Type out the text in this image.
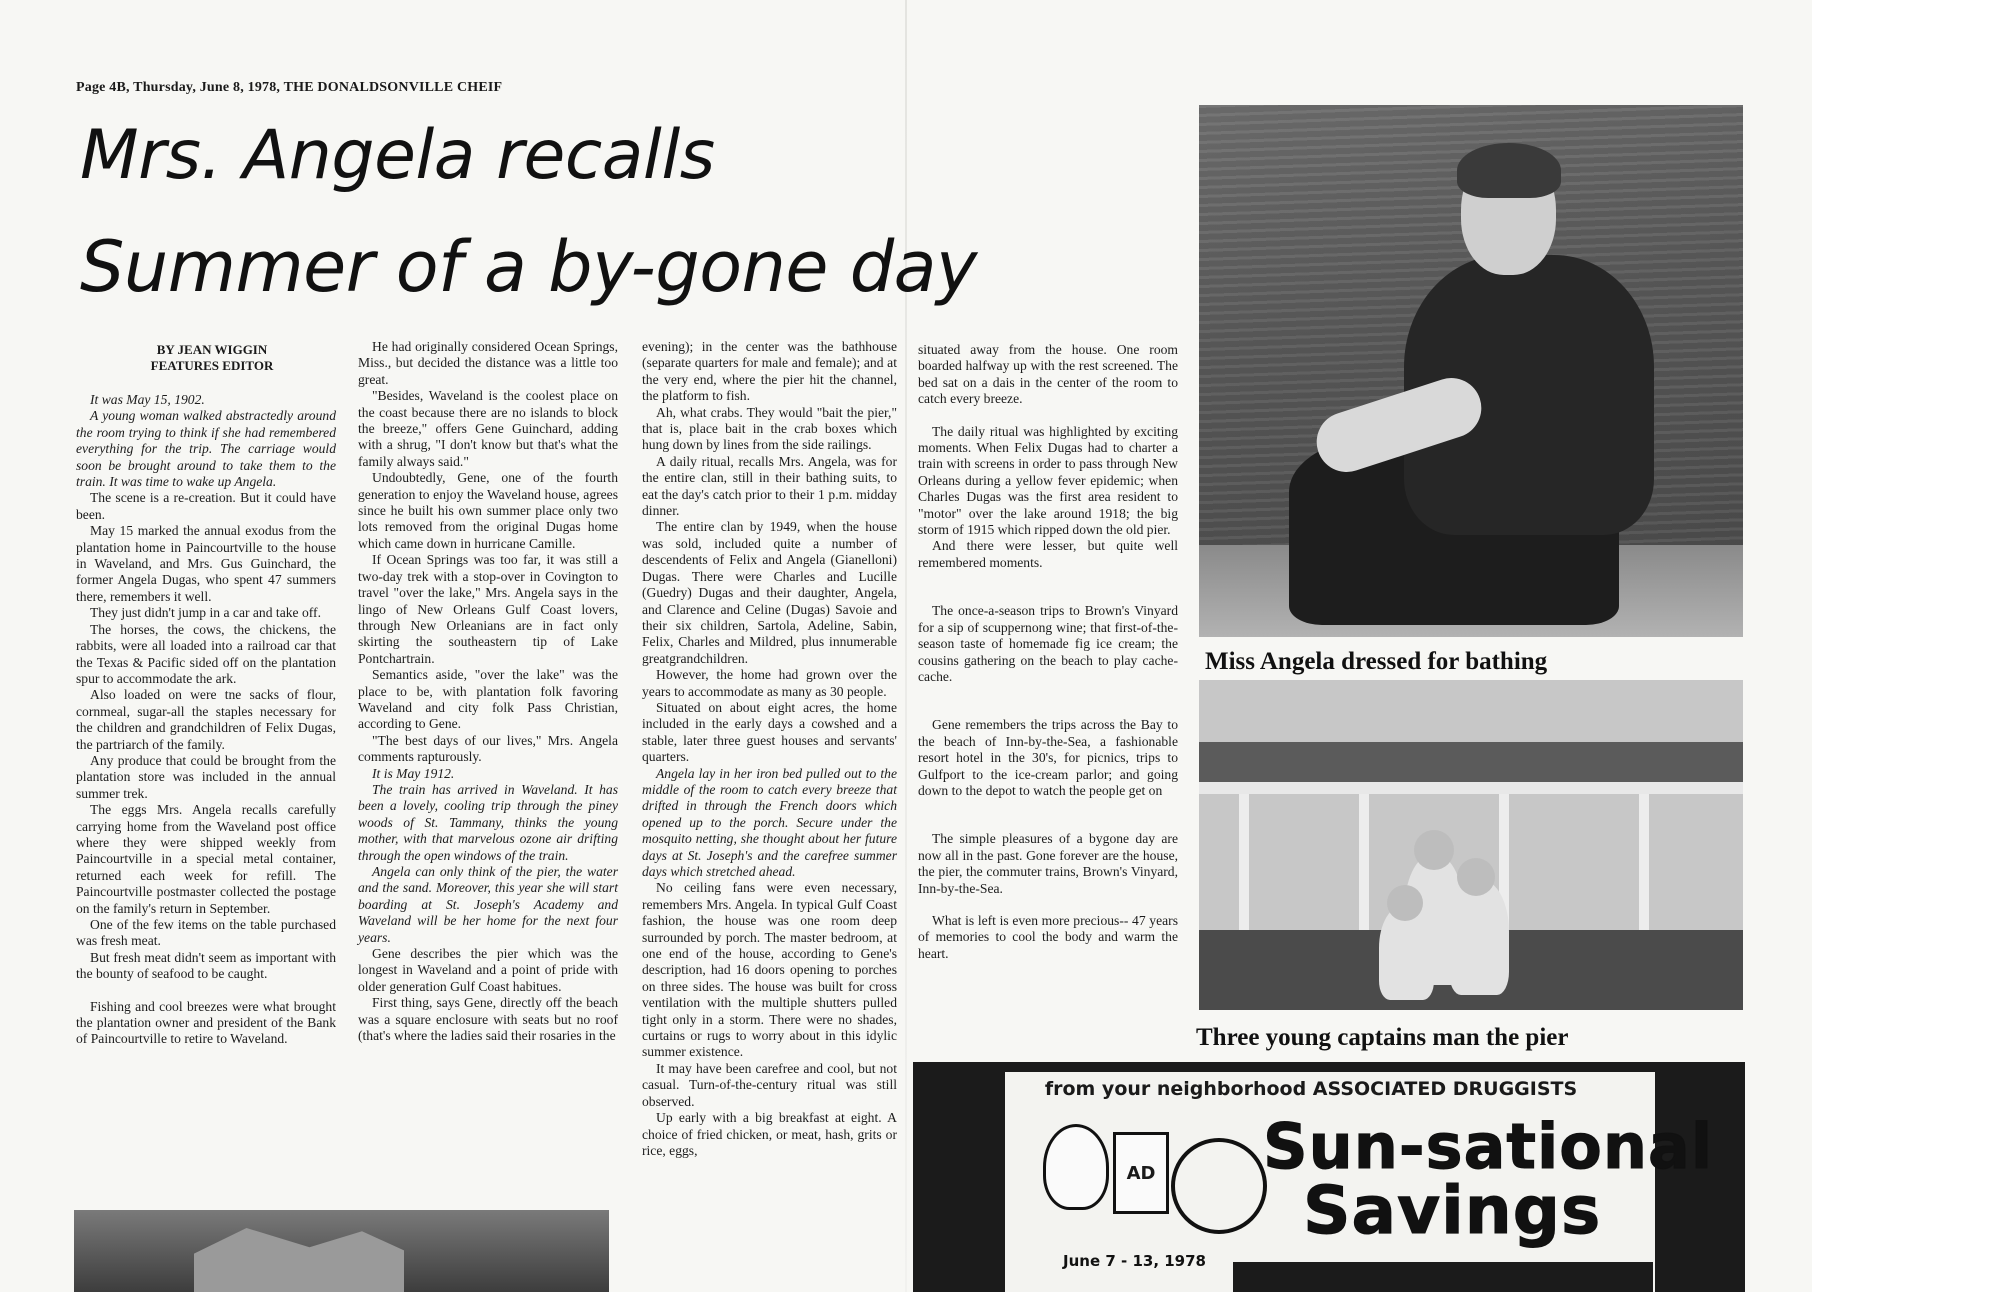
Page 4B, Thursday, June 8, 1978, THE DONALDSONVILLE CHEIF
Mrs. Angela recalls
Summer of a by-gone day
BY JEAN WIGGIN
FEATURES EDITOR

It was May 15, 1902.

A young woman walked abstractedly around the room trying to think if she had remembered everything for the trip. The carriage would soon be brought around to take them to the train. It was time to wake up Angela.

The scene is a re-creation. But it could have been.

May 15 marked the annual exodus from the plantation home in Paincourtville to the house in Waveland, and Mrs. Gus Guinchard, the former Angela Dugas, who spent 47 summers there, remembers it well.

They just didn't jump in a car and take off.

The horses, the cows, the chickens, the rabbits, were all loaded into a railroad car that the Texas & Pacific sided off on the plantation spur to accommodate the ark.

Also loaded on were tne sacks of flour, cornmeal, sugar-all the staples necessary for the children and grandchildren of Felix Dugas, the partriarch of the family.

Any produce that could be brought from the plantation store was included in the annual summer trek.

The eggs Mrs. Angela recalls carefully carrying home from the Waveland post office where they were shipped weekly from Paincourtville in a special metal container, returned each week for refill. The Paincourtville postmaster collected the postage on the family's return in September.

One of the few items on the table purchased was fresh meat.

But fresh meat didn't seem as important with the bounty of seafood to be caught.

Fishing and cool breezes were what brought the plantation owner and president of the Bank of Paincourtville to retire to Waveland.

He had originally considered Ocean Springs, Miss., but decided the distance was a little too great.

"Besides, Waveland is the coolest place on the coast because there are no islands to block the breeze," offers Gene Guinchard, adding with a shrug, "I don't know but that's what the family always said."

Undoubtedly, Gene, one of the fourth generation to enjoy the Waveland house, agrees since he built his own summer place only two lots removed from the original Dugas home which came down in hurricane Camille.

If Ocean Springs was too far, it was still a two-day trek with a stop-over in Covington to travel "over the lake," Mrs. Angela says in the lingo of New Orleans Gulf Coast lovers, through New Orleanians are in fact only skirting the southeastern tip of Lake Pontchartrain.

Semantics aside, "over the lake" was the place to be, with plantation folk favoring Waveland and city folk Pass Christian, according to Gene.

"The best days of our lives," Mrs. Angela comments rapturously.

It is May 1912.

The train has arrived in Waveland. It has been a lovely, cooling trip through the piney woods of St. Tammany, thinks the young mother, with that marvelous ozone air drifting through the open windows of the train.

Angela can only think of the pier, the water and the sand. Moreover, this year she will start boarding at St. Joseph's Academy and Waveland will be her home for the next four years.

Gene describes the pier which was the longest in Waveland and a point of pride with older generation Gulf Coast habitues.

First thing, says Gene, directly off the beach was a square enclosure with seats but no roof (that's where the ladies said their rosaries in the

evening); in the center was the bathhouse (separate quarters for male and female); and at the very end, where the pier hit the channel, the platform to fish.

Ah, what crabs. They would "bait the pier," that is, place bait in the crab boxes which hung down by lines from the side railings.

A daily ritual, recalls Mrs. Angela, was for the entire clan, still in their bathing suits, to eat the day's catch prior to their 1 p.m. midday dinner.

The entire clan by 1949, when the house was sold, included quite a number of descendents of Felix and Angela (Gianelloni) Dugas. There were Charles and Lucille (Guedry) Dugas and their daughter, Angela, and Clarence and Celine (Dugas) Savoie and their six children, Sartola, Adeline, Sabin, Felix, Charles and Mildred, plus innumerable greatgrandchildren.

However, the home had grown over the years to accommodate as many as 30 people.

Situated on about eight acres, the home included in the early days a cowshed and a stable, later three guest houses and servants' quarters.

Angela lay in her iron bed pulled out to the middle of the room to catch every breeze that drifted in through the French doors which opened up to the porch. Secure under the mosquito netting, she thought about her future days at St. Joseph's and the carefree summer days which stretched ahead.

No ceiling fans were even necessary, remembers Mrs. Angela. In typical Gulf Coast fashion, the house was one room deep surrounded by porch. The master bedroom, at one end of the house, according to Gene's description, had 16 doors opening to porches on three sides. The house was built for cross ventilation with the multiple shutters pulled tight only in a storm. There were no shades, curtains or rugs to worry about in this idylic summer existence.

It may have been carefree and cool, but not casual. Turn-of-the-century ritual was still observed.

Up early with a big breakfast at eight. A choice of fried chicken, or meat, hash, grits or rice, eggs,

situated away from the house. One room boarded halfway up with the rest screened. The bed sat on a dais in the center of the room to catch every breeze.

The daily ritual was highlighted by exciting moments. When Felix Dugas had to charter a train with screens in order to pass through New Orleans during a yellow fever epidemic; when Charles Dugas was the first area resident to "motor" over the lake around 1918; the big storm of 1915 which ripped down the old pier.

And there were lesser, but quite well remembered moments.

The once-a-season trips to Brown's Vinyard for a sip of scuppernong wine; that first-of-the-season taste of homemade fig ice cream; the cousins gathering on the beach to play cache-cache.

Gene remembers the trips across the Bay to the beach of Inn-by-the-Sea, a fashionable resort hotel in the 30's, for picnics, trips to Gulfport to the ice-cream parlor; and going down to the depot to watch the people get on

The simple pleasures of a bygone day are now all in the past. Gone forever are the house, the pier, the commuter trains, Brown's Vinyard, Inn-by-the-Sea.

What is left is even more precious-- 47 years of memories to cool the body and warm the heart.

Miss Angela dressed for bathing
Three young captains man the pier
from your neighborhood ASSOCIATED DRUGGISTS
AD Sun-sational
Savings
June 7 - 13, 1978
